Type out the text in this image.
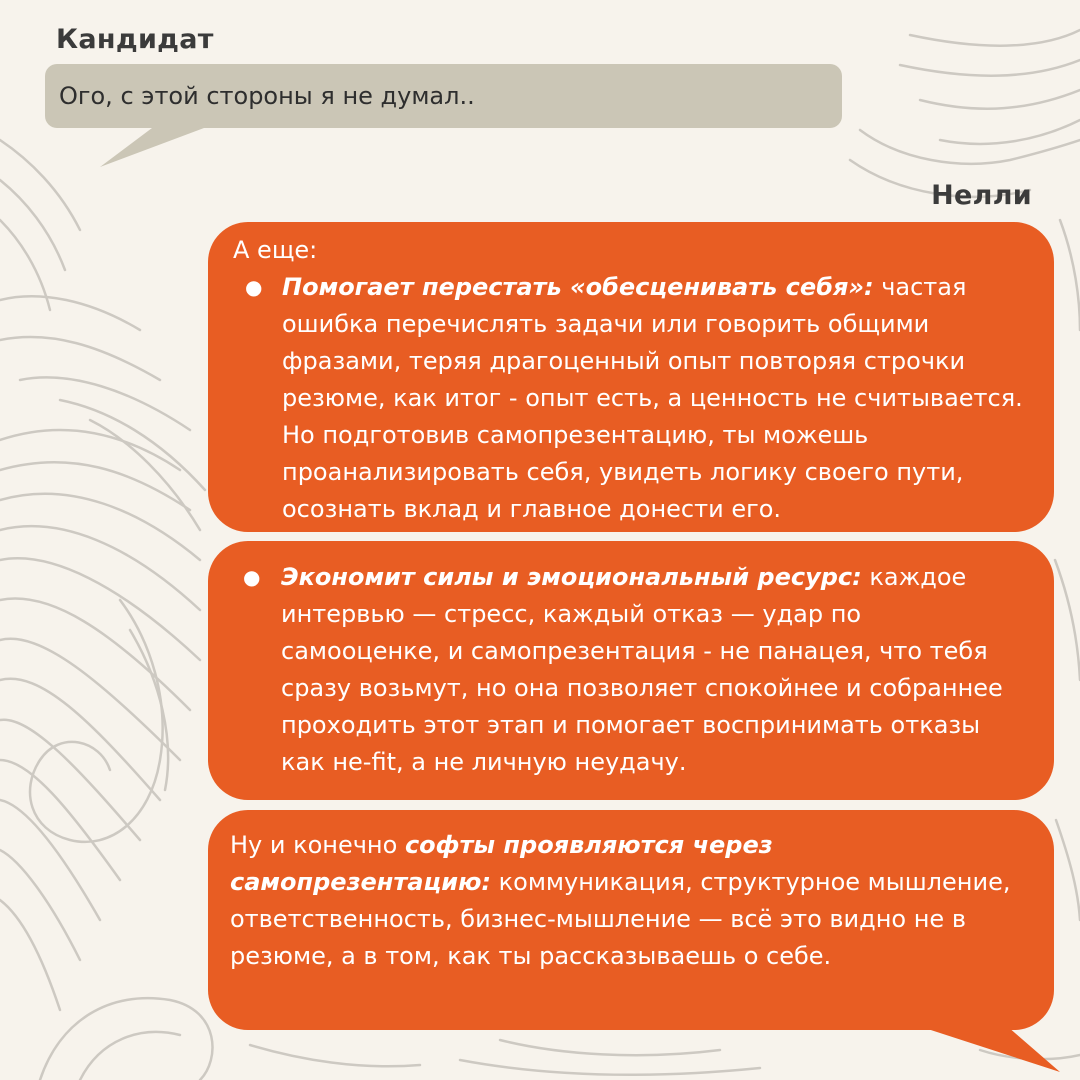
Кандидат
Ого, с этой стороны я не думал..
Нелли
А еще:

● Помогает перестать «обесценивать себя»: частая ошибка перечислять задачи или говорить общими фразами, теряя драгоценный опыт повторяя строчки резюме, как итог - опыт есть, а ценность не считывается. Но подготовив самопрезентацию, ты можешь проанализировать себя, увидеть логику своего пути, осознать вклад и главное донести его.

● Экономит силы и эмоциональный ресурс: каждое интервью — стресс, каждый отказ — удар по самооценке, и самопрезентация - не панацея, что тебя сразу возьмут, но она позволяет спокойнее и собраннее проходить этот этап и помогает воспринимать отказы как не-fit, а не личную неудачу.

Ну и конечно софты проявляются через самопрезентацию: коммуникация, структурное мышление, ответственность, бизнес-мышление — всё это видно не в резюме, а в том, как ты рассказываешь о себе.
